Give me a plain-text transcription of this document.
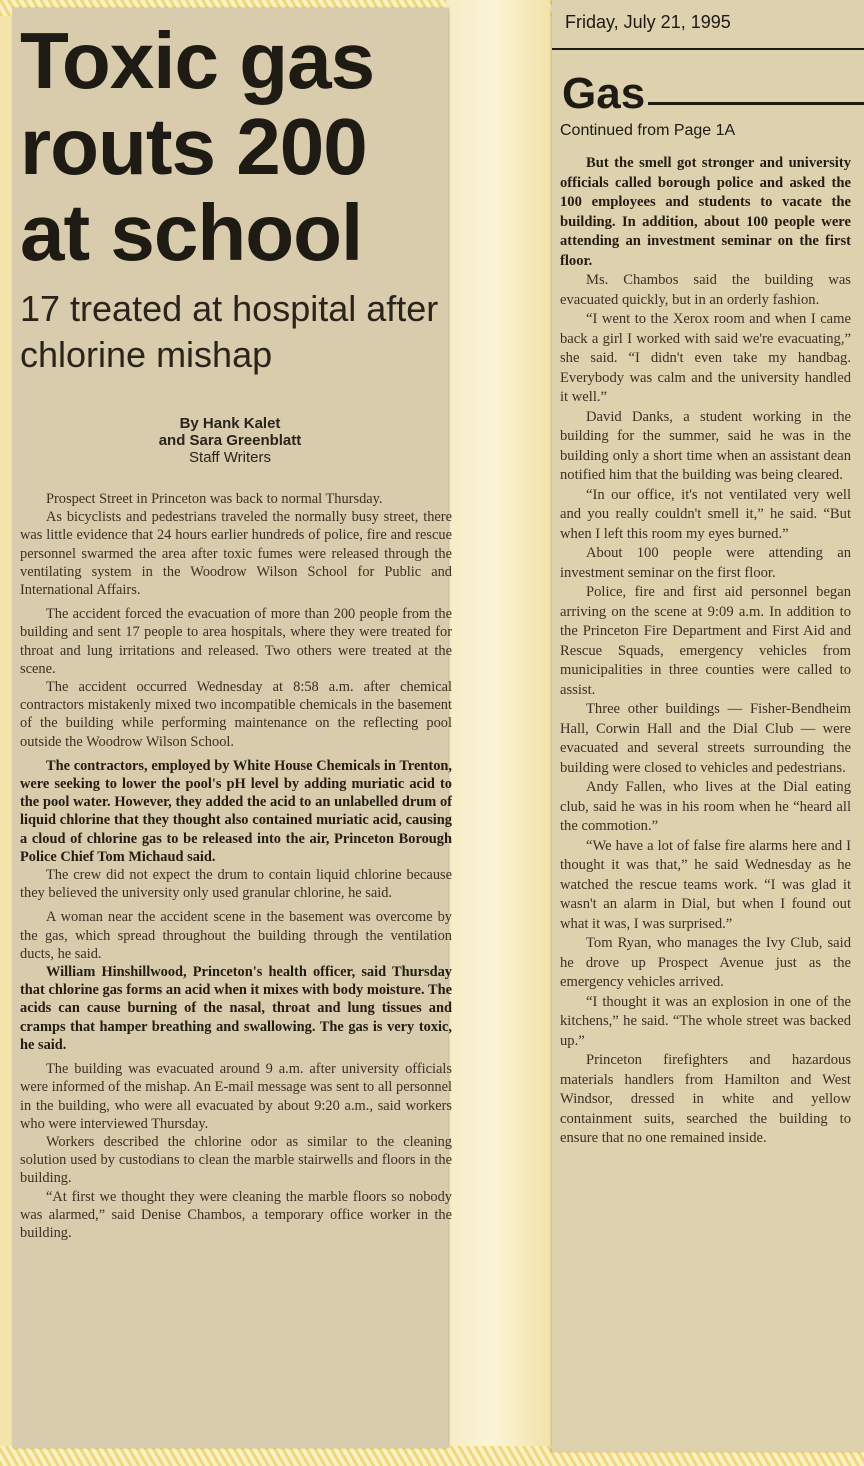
Toxic gas routs 200 at school
17 treated at hospital after chlorine mishap
By Hank Kalet
and Sara Greenblatt
Staff Writers

Prospect Street in Princeton was back to normal Thursday.

As bicyclists and pedestrians traveled the normally busy street, there was little evidence that 24 hours earlier hundreds of police, fire and rescue personnel swarmed the area after toxic fumes were released through the ventilating system in the Woodrow Wilson School for Public and International Affairs.

The accident forced the evacuation of more than 200 people from the building and sent 17 people to area hospitals, where they were treated for throat and lung irritations and released. Two others were treated at the scene.

The accident occurred Wednesday at 8:58 a.m. after chemical contractors mistakenly mixed two incompatible chemicals in the basement of the building while performing maintenance on the reflecting pool outside the Woodrow Wilson School.

The contractors, employed by White House Chemicals in Trenton, were seeking to lower the pool's pH level by adding muriatic acid to the pool water. However, they added the acid to an unlabelled drum of liquid chlorine that they thought also contained muriatic acid, causing a cloud of chlorine gas to be released into the air, Princeton Borough Police Chief Tom Michaud said.

The crew did not expect the drum to contain liquid chlorine because they believed the university only used granular chlorine, he said.

A woman near the accident scene in the basement was overcome by the gas, which spread throughout the building through the ventilation ducts, he said.

William Hinshillwood, Princeton's health officer, said Thursday that chlorine gas forms an acid when it mixes with body moisture. The acids can cause burning of the nasal, throat and lung tissues and cramps that hamper breathing and swallowing. The gas is very toxic, he said.

The building was evacuated around 9 a.m. after university officials were informed of the mishap. An E-mail message was sent to all personnel in the building, who were all evacuated by about 9:20 a.m., said workers who were interviewed Thursday.

Workers described the chlorine odor as similar to the cleaning solution used by custodians to clean the marble stairwells and floors in the building.

“At first we thought they were cleaning the marble floors so nobody was alarmed,” said Denise Chambos, a temporary office worker in the building.

Friday, July 21, 1995
Gas
Continued from Page 1A

But the smell got stronger and university officials called borough police and asked the 100 employees and students to vacate the building. In addition, about 100 people were attending an investment seminar on the first floor.

Ms. Chambos said the building was evacuated quickly, but in an orderly fashion.

“I went to the Xerox room and when I came back a girl I worked with said we're evacuating,” she said. “I didn't even take my handbag. Everybody was calm and the university handled it well.”

David Danks, a student working in the building for the summer, said he was in the building only a short time when an assistant dean notified him that the building was being cleared.

“In our office, it's not ventilated very well and you really couldn't smell it,” he said. “But when I left this room my eyes burned.”

About 100 people were attending an investment seminar on the first floor.

Police, fire and first aid personnel began arriving on the scene at 9:09 a.m. In addition to the Princeton Fire Department and First Aid and Rescue Squads, emergency vehicles from municipalities in three counties were called to assist.

Three other buildings — Fisher-Bendheim Hall, Corwin Hall and the Dial Club — were evacuated and several streets surrounding the building were closed to vehicles and pedestrians.

Andy Fallen, who lives at the Dial eating club, said he was in his room when he “heard all the commotion.”

“We have a lot of false fire alarms here and I thought it was that,” he said Wednesday as he watched the rescue teams work. “I was glad it wasn't an alarm in Dial, but when I found out what it was, I was surprised.”

Tom Ryan, who manages the Ivy Club, said he drove up Prospect Avenue just as the emergency vehicles arrived.

“I thought it was an explosion in one of the kitchens,” he said. “The whole street was backed up.”

Princeton firefighters and hazardous materials handlers from Hamilton and West Windsor, dressed in white and yellow containment suits, searched the building to ensure that no one remained inside.
